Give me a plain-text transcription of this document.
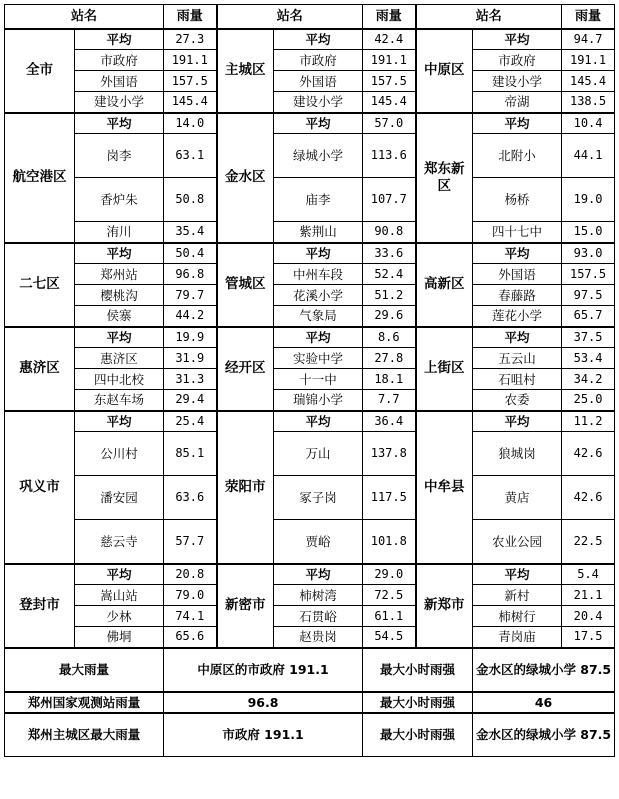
站名		雨量	站名		雨量	站名		雨量
全市	平均	27.3	主城区	平均	42.4	中原区	平均	94.7
	市政府	191.1		市政府	191.1		市政府	191.1
	外国语	157.5		外国语	157.5		建设小学	145.4
	建设小学	145.4		建设小学	145.4		帝湖	138.5
航空港区	平均	14.0	金水区	平均	57.0	郑东新区	平均	10.4
	岗李	63.1		绿城小学	113.6		北附小	44.1
	香炉朱	50.8		庙李	107.7		杨桥	19.0
	洧川	35.4		紫荆山	90.8		四十七中	15.0
二七区	平均	50.4	管城区	平均	33.6	高新区	平均	93.0
	郑州站	96.8		中州车段	52.4		外国语	157.5
	樱桃沟	79.7		花溪小学	51.2		春藤路	97.5
	侯寨	44.2		气象局	29.6		莲花小学	65.7
惠济区	平均	19.9	经开区	平均	8.6	上街区	平均	37.5
	惠济区	31.9		实验中学	27.8		五云山	53.4
	四中北校	31.3		十一中	18.1		石咀村	34.2
	东赵车场	29.4		瑞锦小学	7.7		农委	25.0
巩义市	平均	25.4	荥阳市	平均	36.4	中牟县	平均	11.2
	公川村	85.1		万山	137.8		狼城岗	42.6
	潘安园	63.6		冢子岗	117.5		黄店	42.6
	慈云寺	57.7		贾峪	101.8		农业公园	22.5
登封市	平均	20.8	新密市	平均	29.0	新郑市	平均	5.4
	嵩山站	79.0		柿树湾	72.5		新村	21.1
	少林	74.1		石贯峪	61.1		柿树行	20.4
	佛垌	65.6		赵贵岗	54.5		青岗庙	17.5
最大雨量		中原区的市政府 191.1			最大小时雨强		金水区的绿城小学 87.5	
郑州国家观测站雨量		96.8			最大小时雨强		46	
郑州主城区最大雨量		市政府 191.1			最大小时雨强		金水区的绿城小学 87.5	
